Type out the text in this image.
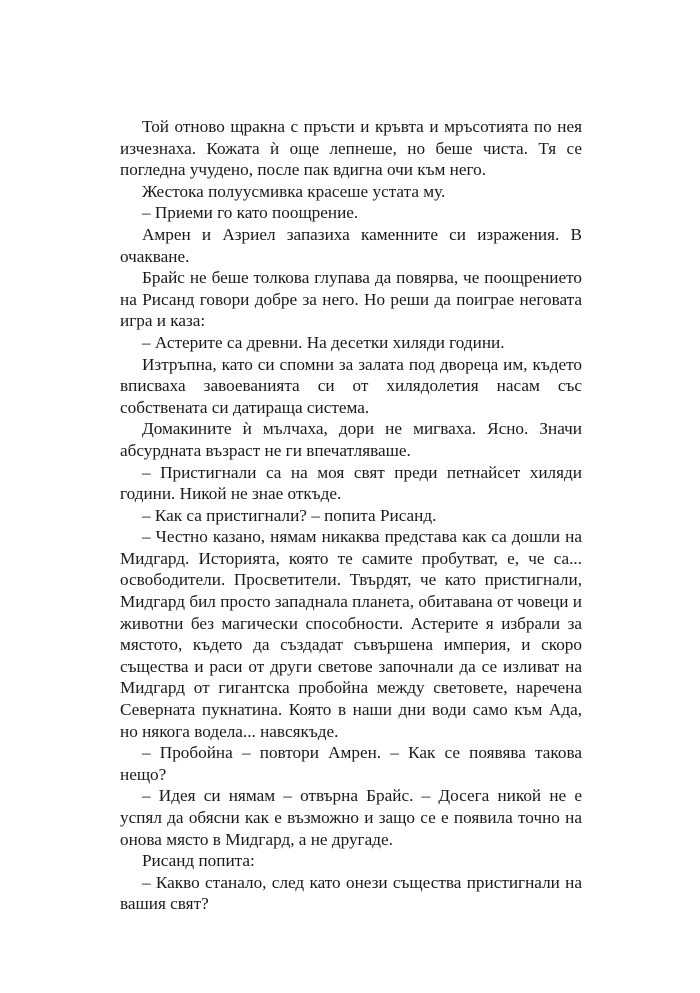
Той отново щракна с пръсти и кръвта и мръсотията по нея изчезнаха. Кожата ѝ още лепнеше, но беше чиста. Тя се погледна учудено, после пак вдигна очи към него.

Жестока полуусмивка красеше устата му.

– Приеми го като поощрение.

Амрен и Азриел запазиха каменните си изражения. В очакване.

Брайс не беше толкова глупава да повярва, че поощрението на Рисанд говори добре за него. Но реши да поиграе неговата игра и каза:

– Астерите са древни. На десетки хиляди години.

Изтръпна, като си спомни за залата под двореца им, където вписваха завоеванията си от хилядолетия насам със собствената си датираща система.

Домакините ѝ мълчаха, дори не мигваха. Ясно. Значи абсурдната възраст не ги впечатляваше.

– Пристигнали са на моя свят преди петнайсет хиляди години. Никой не знае откъде.

– Как са пристигнали? – попита Рисанд.

– Честно казано, нямам никаква представа как са дошли на Мидгард. Историята, която те самите пробутват, е, че са... освободители. Просветители. Твърдят, че като пристигнали, Мидгард бил просто западнала планета, обитавана от човеци и животни без магически способности. Астерите я избрали за мястото, където да създадат съвършена империя, и скоро същества и раси от други светове започнали да се изливат на Мидгард от гигантска пробойна между световете, наречена Северната пукнатина. Която в наши дни води само към Ада, но някога водела... навсякъде.

– Пробойна – повтори Амрен. – Как се появява такова нещо?

– Идея си нямам – отвърна Брайс. – Досега никой не е успял да обясни как е възможно и защо се е появила точно на онова място в Мидгард, а не другаде.

Рисанд попита:

– Какво станало, след като онези същества пристигнали на вашия свят?
